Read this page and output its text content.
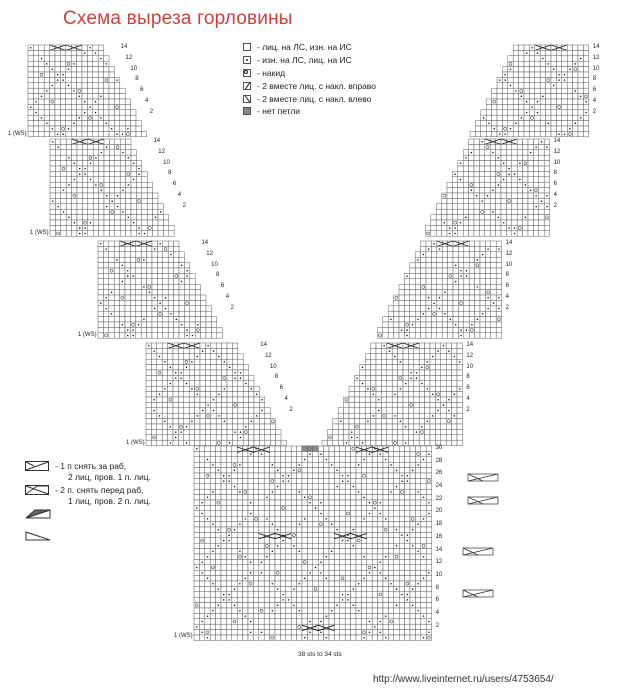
Схема выреза горловины
- лиц. на ЛС, изн. на ИС
- изн. на ЛС, лиц. на ИС
- накид
- 2 вместе лиц. с накл. вправо
- 2 вместе лиц. с накл. влево
- нет петли
- 1 п снять за раб,
2 лиц, пров. 1 п. лиц.
- 2 п. снять перед раб,
1 лиц, пров. 2 п. лиц.
38 sts to 34 sts
http://www.liveinternet.ru/users/4753654/
14
12
10
8
6
4
2
1 (WS)
14
12
10
8
6
4
2
1 (WS)
14
12
10
8
6
4
2
1 (WS)
14
12
10
8
6
4
2
1 (WS)
14
12
10
8
6
4
2
14
12
10
8
6
4
2
14
12
10
8
6
4
2
14
12
10
8
6
4
2
30
28
26
24
22
20
18
16
14
12
10
8
6
4
2
1 (WS)
